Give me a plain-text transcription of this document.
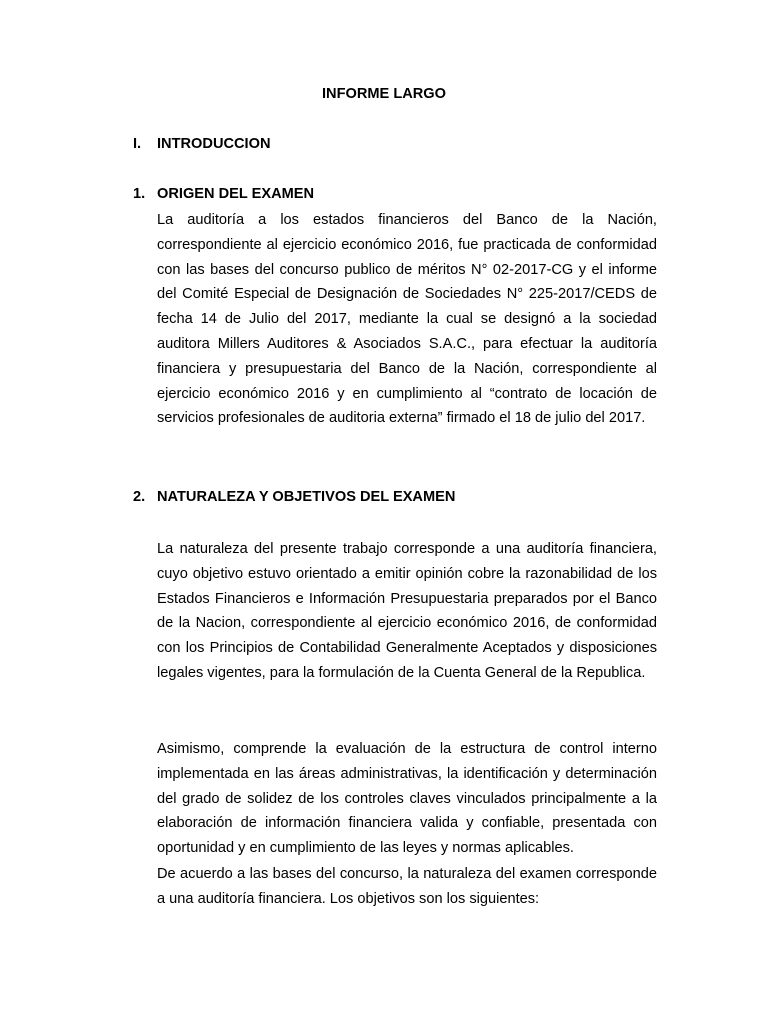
INFORME LARGO
I. INTRODUCCION
1. ORIGEN DEL EXAMEN

La auditoría a los estados financieros del Banco de la Nación, correspondiente al ejercicio económico 2016, fue practicada de conformidad con las bases del concurso publico de méritos N° 02-2017-CG y el informe del Comité Especial de Designación de Sociedades N° 225-2017/CEDS de fecha 14 de Julio del 2017, mediante la cual se designó a la sociedad auditora Millers Auditores & Asociados S.A.C., para efectuar la auditoría financiera y presupuestaria del Banco de la Nación, correspondiente al ejercicio económico 2016 y en cumplimiento al “contrato de locación de servicios profesionales de auditoria externa” firmado el 18 de julio del 2017.

2. NATURALEZA Y OBJETIVOS DEL EXAMEN

La naturaleza del presente trabajo corresponde a una auditoría financiera, cuyo objetivo estuvo orientado a emitir opinión cobre la razonabilidad de los Estados Financieros e Información Presupuestaria preparados por el Banco de la Nacion, correspondiente al ejercicio económico 2016, de conformidad con los Principios de Contabilidad Generalmente Aceptados y disposiciones legales vigentes, para la formulación de la Cuenta General de la Republica.

Asimismo, comprende la evaluación de la estructura de control interno implementada en las áreas administrativas, la identificación y determinación del grado de solidez de los controles claves vinculados principalmente a la elaboración de información financiera valida y confiable, presentada con oportunidad y en cumplimiento de las leyes y normas aplicables.

De acuerdo a las bases del concurso, la naturaleza del examen corresponde a una auditoría financiera. Los objetivos son los siguientes:
